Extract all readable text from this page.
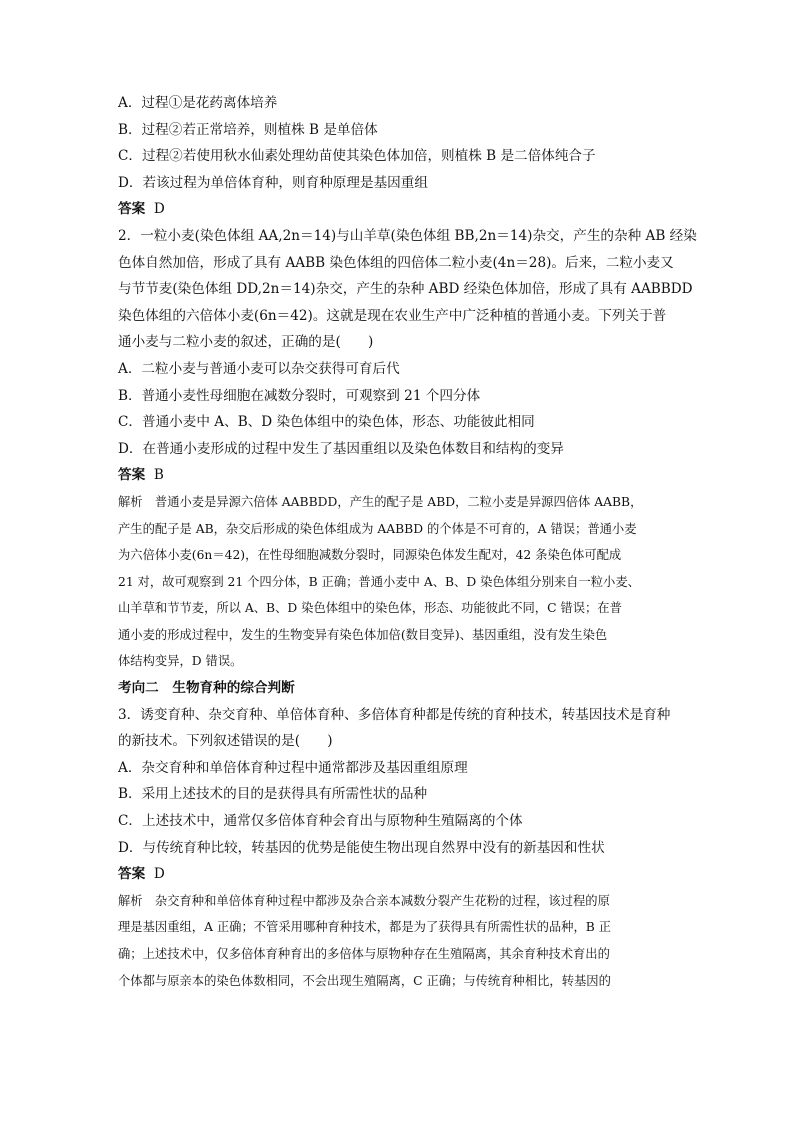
A．过程①是花药离体培养
B．过程②若正常培养，则植株 B 是单倍体
C．过程②若使用秋水仙素处理幼苗使其染色体加倍，则植株 B 是二倍体纯合子
D．若该过程为单倍体育种，则育种原理是基因重组
答案 D
2．一粒小麦(染色体组 AA,2n＝14)与山羊草(染色体组 BB,2n＝14)杂交，产生的杂种 AB 经染
色体自然加倍，形成了具有 AABB 染色体组的四倍体二粒小麦(4n＝28)。后来，二粒小麦又
与节节麦(染色体组 DD,2n＝14)杂交，产生的杂种 ABD 经染色体加倍，形成了具有 AABBDD
染色体组的六倍体小麦(6n＝42)。这就是现在农业生产中广泛种植的普通小麦。下列关于普
通小麦与二粒小麦的叙述，正确的是(　　)
A．二粒小麦与普通小麦可以杂交获得可育后代
B．普通小麦性母细胞在减数分裂时，可观察到 21 个四分体
C．普通小麦中 A、B、D 染色体组中的染色体，形态、功能彼此相同
D．在普通小麦形成的过程中发生了基因重组以及染色体数目和结构的变异
答案 B
解析　普通小麦是异源六倍体 AABBDD，产生的配子是 ABD，二粒小麦是异源四倍体 AABB，
产生的配子是 AB，杂交后形成的染色体组成为 AABBD 的个体是不可育的，A 错误；普通小麦
为六倍体小麦(6n＝42)，在性母细胞减数分裂时，同源染色体发生配对，42 条染色体可配成
21 对，故可观察到 21 个四分体，B 正确；普通小麦中 A、B、D 染色体组分别来自一粒小麦、
山羊草和节节麦，所以 A、B、D 染色体组中的染色体，形态、功能彼此不同，C 错误；在普
通小麦的形成过程中，发生的生物变异有染色体加倍(数目变异)、基因重组，没有发生染色
体结构变异，D 错误。
考向二　生物育种的综合判断
3．诱变育种、杂交育种、单倍体育种、多倍体育种都是传统的育种技术，转基因技术是育种
的新技术。下列叙述错误的是(　　)
A．杂交育种和单倍体育种过程中通常都涉及基因重组原理
B．采用上述技术的目的是获得具有所需性状的品种
C．上述技术中，通常仅多倍体育种会育出与原物种生殖隔离的个体
D．与传统育种比较，转基因的优势是能使生物出现自然界中没有的新基因和性状
答案 D
解析　杂交育种和单倍体育种过程中都涉及杂合亲本减数分裂产生花粉的过程，该过程的原
理是基因重组，A 正确；不管采用哪种育种技术，都是为了获得具有所需性状的品种，B 正
确；上述技术中，仅多倍体育种育出的多倍体与原物种存在生殖隔离，其余育种技术育出的
个体都与原亲本的染色体数相同，不会出现生殖隔离，C 正确；与传统育种相比，转基因的
